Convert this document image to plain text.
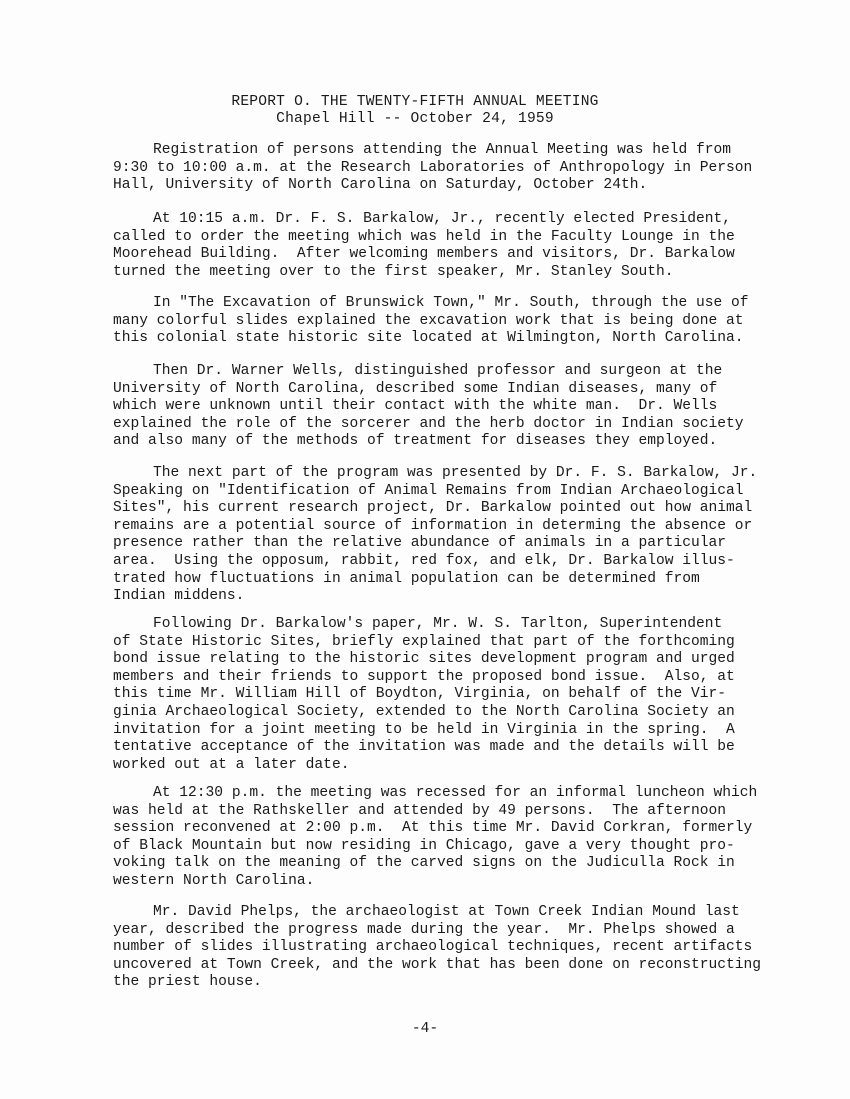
REPORT O. THE TWENTY-FIFTH ANNUAL MEETING
Chapel Hill -- October 24, 1959
Registration of persons attending the Annual Meeting was held from
9:30 to 10:00 a.m. at the Research Laboratories of Anthropology in Person
Hall, University of North Carolina on Saturday, October 24th.
At 10:15 a.m. Dr. F. S. Barkalow, Jr., recently elected President,
called to order the meeting which was held in the Faculty Lounge in the
Moorehead Building.  After welcoming members and visitors, Dr. Barkalow
turned the meeting over to the first speaker, Mr. Stanley South.
In "The Excavation of Brunswick Town," Mr. South, through the use of
many colorful slides explained the excavation work that is being done at
this colonial state historic site located at Wilmington, North Carolina.
Then Dr. Warner Wells, distinguished professor and surgeon at the
University of North Carolina, described some Indian diseases, many of
which were unknown until their contact with the white man.  Dr. Wells
explained the role of the sorcerer and the herb doctor in Indian society
and also many of the methods of treatment for diseases they employed.
The next part of the program was presented by Dr. F. S. Barkalow, Jr.
Speaking on "Identification of Animal Remains from Indian Archaeological
Sites", his current research project, Dr. Barkalow pointed out how animal
remains are a potential source of information in determing the absence or
presence rather than the relative abundance of animals in a particular
area.  Using the opposum, rabbit, red fox, and elk, Dr. Barkalow illus-
trated how fluctuations in animal population can be determined from
Indian middens.
Following Dr. Barkalow's paper, Mr. W. S. Tarlton, Superintendent
of State Historic Sites, briefly explained that part of the forthcoming
bond issue relating to the historic sites development program and urged
members and their friends to support the proposed bond issue.  Also, at
this time Mr. William Hill of Boydton, Virginia, on behalf of the Vir-
ginia Archaeological Society, extended to the North Carolina Society an
invitation for a joint meeting to be held in Virginia in the spring.  A
tentative acceptance of the invitation was made and the details will be
worked out at a later date.
At 12:30 p.m. the meeting was recessed for an informal luncheon which
was held at the Rathskeller and attended by 49 persons.  The afternoon
session reconvened at 2:00 p.m.  At this time Mr. David Corkran, formerly
of Black Mountain but now residing in Chicago, gave a very thought pro-
voking talk on the meaning of the carved signs on the Judiculla Rock in
western North Carolina.
Mr. David Phelps, the archaeologist at Town Creek Indian Mound last
year, described the progress made during the year.  Mr. Phelps showed a
number of slides illustrating archaeological techniques, recent artifacts
uncovered at Town Creek, and the work that has been done on reconstructing
the priest house.
-4-
